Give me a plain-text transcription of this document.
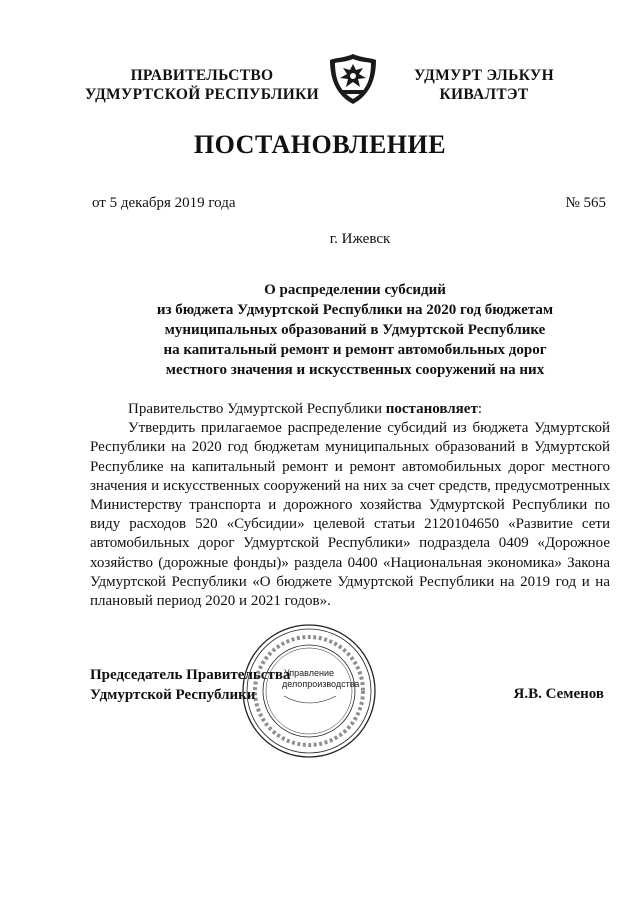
ПРАВИТЕЛЬСТВО
УДМУРТСКОЙ РЕСПУБЛИКИ
УДМУРТ ЭЛЬКУН
КИВАЛТЭТ
ПОСТАНОВЛЕНИЕ
от 5 декабря 2019 года	№ 565
г. Ижевск
О распределении субсидий
из бюджета Удмуртской Республики на 2020 год бюджетам
муниципальных образований в Удмуртской Республике
на капитальный ремонт и ремонт автомобильных дорог
местного значения и искусственных сооружений на них

Правительство Удмуртской Республики постановляет:

Утвердить прилагаемое распределение субсидий из бюджета Удмуртской Республики на 2020 год бюджетам муниципальных образований в Удмуртской Республике на капитальный ремонт и ремонт автомобильных дорог местного значения и искусственных сооружений на них за счет средств, предусмотренных Министерству транспорта и дорожного хозяйства Удмуртской Республики по виду расходов 520 «Субсидии» целевой статьи 2120104650 «Развитие сети автомобильных дорог Удмуртской Республики» подраздела 0409 «Дорожное хозяйство (дорожные фонды)» раздела 0400 «Национальная экономика» Закона Удмуртской Республики «О бюджете Удмуртской Республики на 2019 год и на плановый период 2020 и 2021 годов».

Председатель Правительства
Удмуртской Республики	Я.В. Семенов
Управление делопроизводства
